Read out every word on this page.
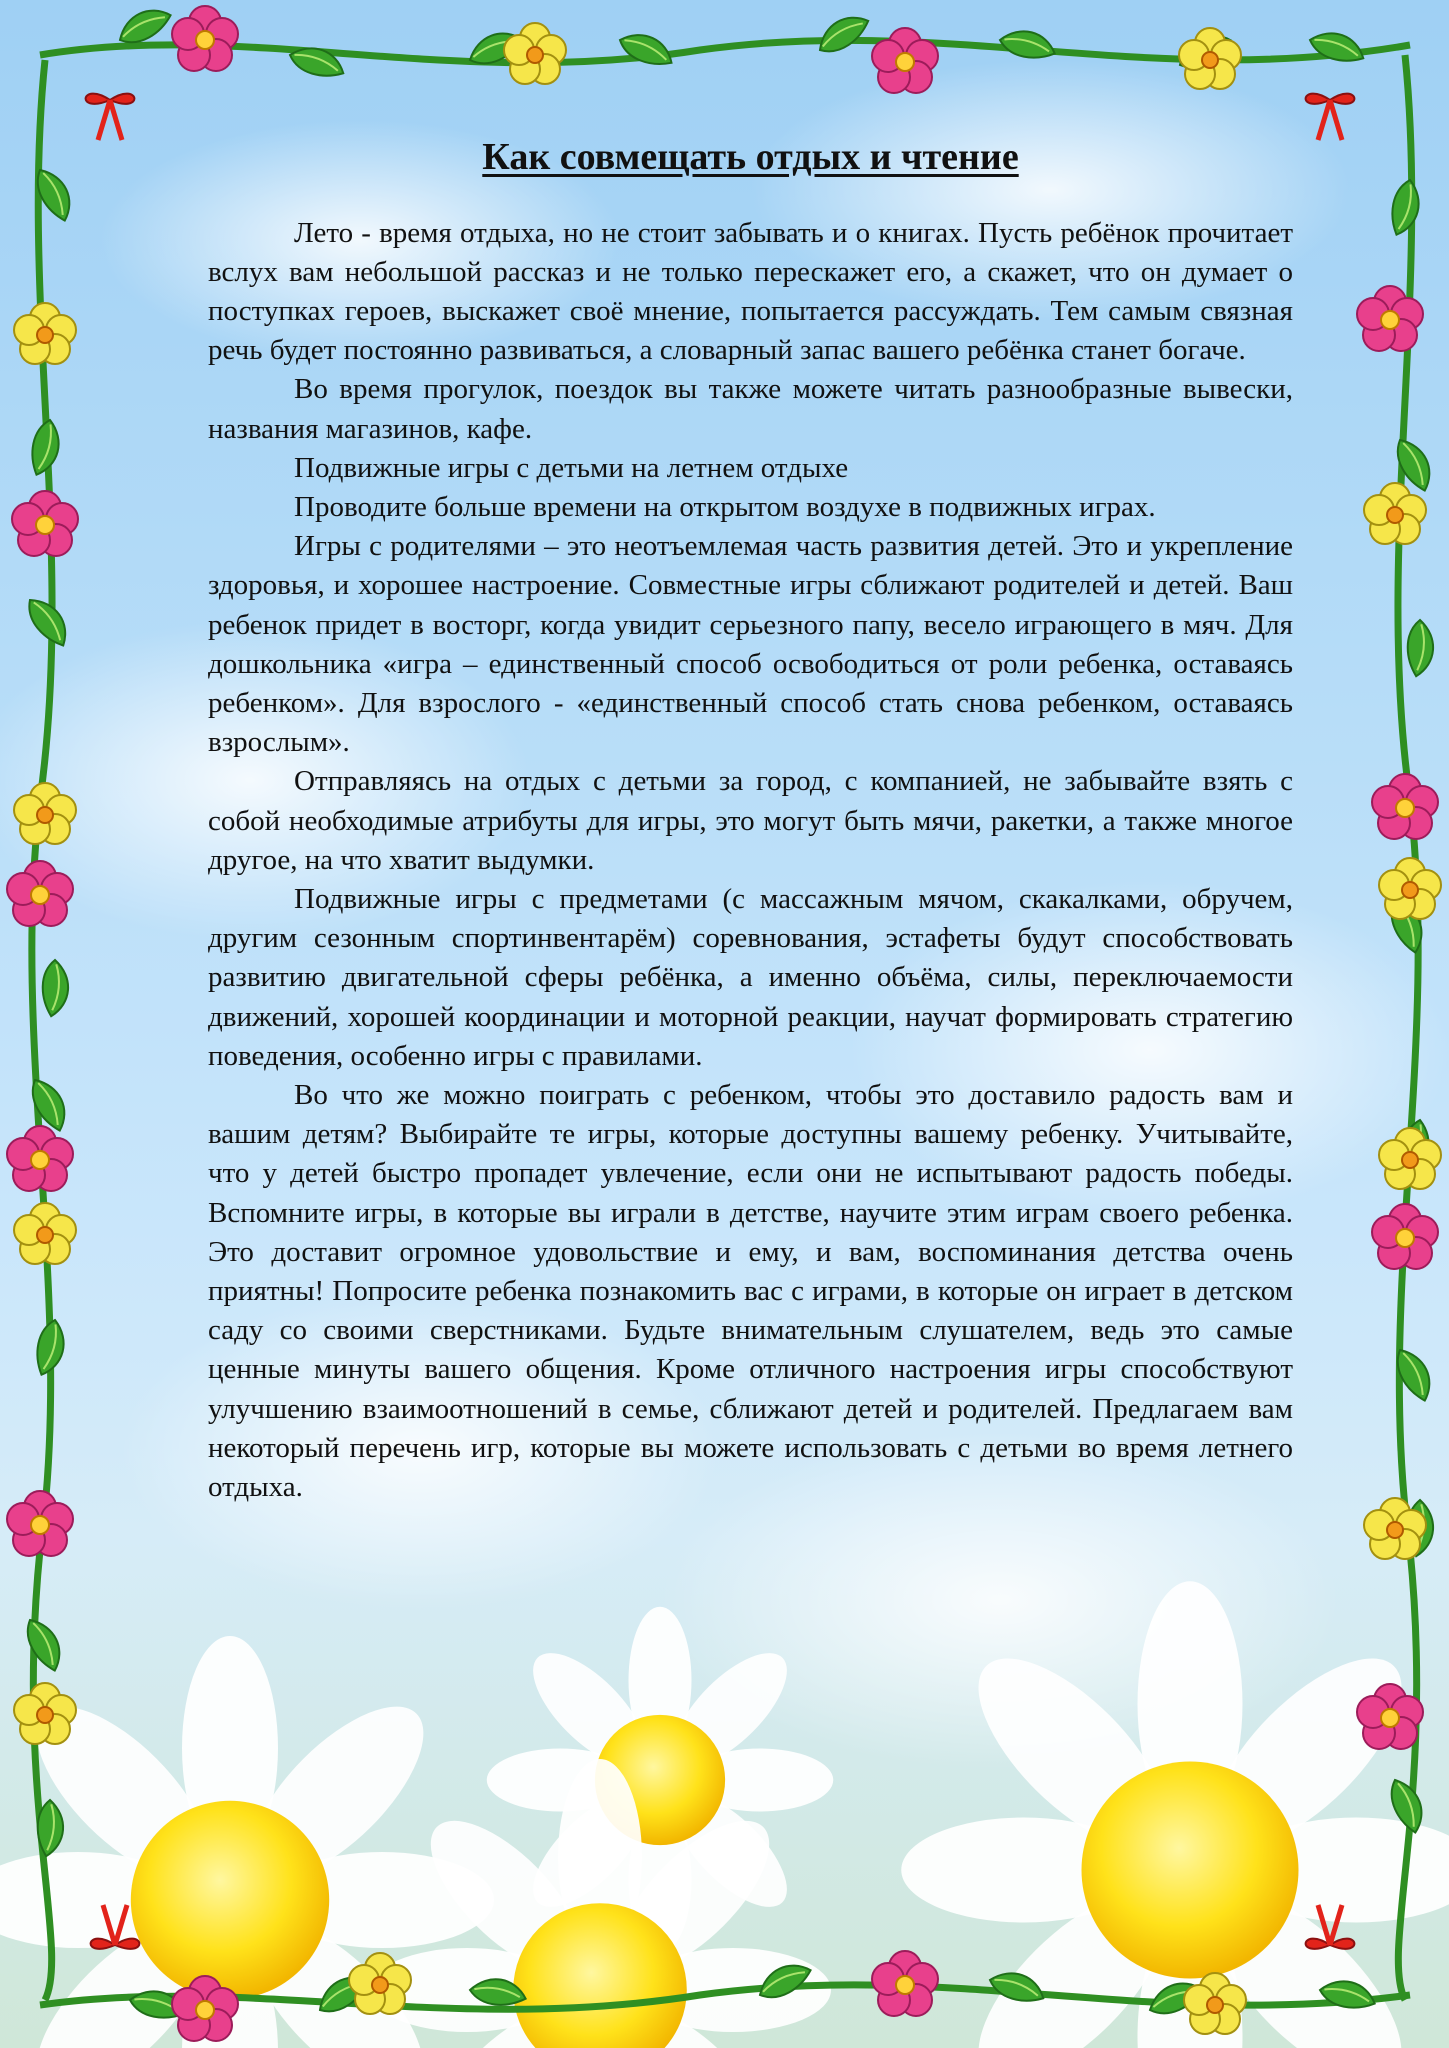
Как совмещать отдых и чтение

Лето - время отдыха, но не стоит забывать и о книгах. Пусть ребёнок прочитает вслух вам небольшой рассказ и не только перескажет его, а скажет, что он думает о поступках героев, выскажет своё мнение, попытается рассуждать. Тем самым связная речь будет постоянно развиваться, а словарный запас вашего ребёнка станет богаче.

Во время прогулок, поездок вы также можете читать разнообразные вывески, названия магазинов, кафе.

Подвижные игры с детьми на летнем отдыхе

Проводите больше времени на открытом воздухе в подвижных играх.

Игры с родителями – это неотъемлемая часть развития детей. Это и укрепление здоровья, и хорошее настроение. Совместные игры сближают родителей и детей. Ваш ребенок придет в восторг, когда увидит серьезного папу, весело играющего в мяч. Для дошкольника «игра – единственный способ освободиться от роли ребенка, оставаясь ребенком». Для взрослого - «единственный способ стать снова ребенком, оставаясь взрослым».

Отправляясь на отдых с детьми за город, с компанией, не забывайте взять с собой необходимые атрибуты для игры, это могут быть мячи, ракетки, а также многое другое, на что хватит выдумки.

Подвижные игры с предметами (с массажным мячом, скакалками, обручем, другим сезонным спортинвентарём) соревнования, эстафеты будут способствовать развитию двигательной сферы ребёнка, а именно объёма, силы, переключаемости движений, хорошей координации и моторной реакции, научат формировать стратегию поведения, особенно игры с правилами.

Во что же можно поиграть с ребенком, чтобы это доставило радость вам и вашим детям? Выбирайте те игры, которые доступны вашему ребенку. Учитывайте, что у детей быстро пропадет увлечение, если они не испытывают радость победы. Вспомните игры, в которые вы играли в детстве, научите этим играм своего ребенка. Это доставит огромное удовольствие и ему, и вам, воспоминания детства очень приятны! Попросите ребенка познакомить вас с играми, в которые он играет в детском саду со своими сверстниками. Будьте внимательным слушателем, ведь это самые ценные минуты вашего общения. Кроме отличного настроения игры способствуют улучшению взаимоотношений в семье, сближают детей и родителей. Предлагаем вам некоторый перечень игр, которые вы можете использовать с детьми во время летнего отдыха.
